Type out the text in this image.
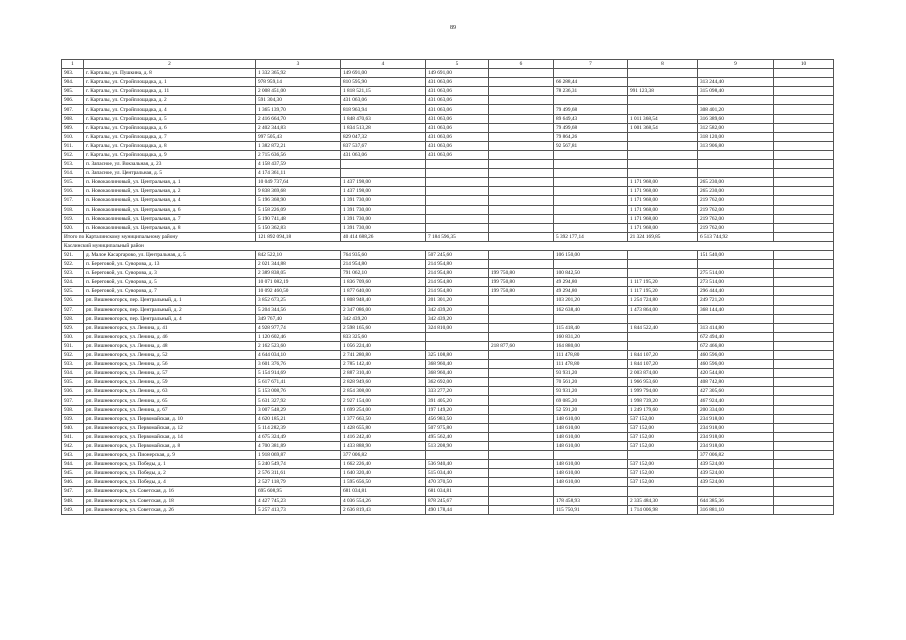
89
1	2	3	4	5	6	7	8	9	10
903.	г. Карталы, ул. Пушкина, д. 8	1 332 365,92	149 691,00	149 691,00					
904.	г. Карталы, ул. Стройплощадка, д. 1	978 959,14	810 595,90	431 063,06		66 288,44		313 244,40	
905.	г. Карталы, ул. Стройплощадка, д. 11	2 008 451,00	1 818 521,15	431 063,06		78 236,31	991 123,38	315 098,40	
906.	г. Карталы, ул. Стройплощадка, д. 2	591 304,30	431 063,06	431 063,06					
907.	г. Карталы, ул. Стройплощадка, д. 4	1 365 139,70	818 963,94	431 063,06		79 499,68		308 401,20	
908.	г. Карталы, ул. Стройплощадка, д. 5	2 416 664,70	1 848 470,63	431 063,06		89 649,43	1 011 368,54	316 389,60	
909.	г. Карталы, ул. Стройплощадка, д. 6	2 402 344,83	1 834 513,28	431 063,06		79 499,68	1 001 368,54	312 582,00	
910.	г. Карталы, ул. Стройплощадка, д. 7	997 505,43	829 047,32	431 063,06		79 864,26		318 120,00	
911.	г. Карталы, ул. Стройплощадка, д. 8	1 382 872,21	837 537,67	431 063,06		92 567,81		313 906,80	
912.	г. Карталы, ул. Стройплощадка, д. 9	2 715 636,56	431 063,06	431 063,06					
913.	п. Запасное, ул. Вокзальная, д. 23	4 158 437,59							
914.	п. Запасное, ул. Центральная, д. 5	4 174 361,11							
915.	п. Новокаолиновый, ул. Центральная, д. 1	10 049 737,64	1 437 198,00				1 171 968,00	265 230,00	
916.	п. Новокаолиновый, ул. Центральная, д. 2	9 838 369,68	1 437 198,00				1 171 968,00	265 230,00	
917.	п. Новокаолиновый, ул. Центральная, д. 4	5 196 368,90	1 391 730,00				1 171 968,00	219 762,00	
918.	п. Новокаолиновый, ул. Центральная, д. 6	5 158 226,09	1 391 730,00				1 171 968,00	219 762,00	
919.	п. Новокаолиновый, ул. Центральная, д. 7	5 190 741,48	1 391 730,00				1 171 968,00	219 762,00	
920.	п. Новокаолиновый, ул. Центральная, д. 8	5 150 362,83	1 391 730,00				1 171 968,00	219 762,00	
Итого по Карталинскому муниципальному району		121 892 094,18	40 414 688,26	7 184 596,35		5 392 177,14	21 324 169,85	6 513 744,92	
Каслинский муниципальный район									
921.	д. Малое Касаргарово, ул. Центральная, д. 5	842 522,10	764 935,60	507 245,60		106 150,00		151 540,00	
922.	п. Береговой, ул. Суворова, д. 13	2 021 344,88	214 954,80	214 954,80					
923.	п. Береговой, ул. Суворова, д. 3	2 389 838,05	791 062,10	214 954,80	199 750,80	100 842,50		275 514,00	
924.	п. Береговой, ул. Суворова, д. 5	10 071 082,19	1 836 709,60	214 954,80	199 750,80	49 294,80	1 117 195,20	273 514,00	
925.	п. Береговой, ул. Суворова, д. 7	10 092 460,50	1 877 640,00	214 954,80	199 750,80	49 294,80	1 117 195,20	296 444,40	
926.	рп. Вишневогорск, пер. Центральный, д. 1	3 852 673,25	1 808 948,40	201 301,20		103 201,20	1 254 724,80	249 721,20	
927.	рп. Вишневогорск, пер. Центральный, д. 2	5 204 344,56	2 347 086,00	342 439,20		162 638,40	1 473 864,00	368 144,40	
928.	рп. Вишневогорск, пер. Центральный, д. 4	349 767,40	342 439,20	342 439,20					
929.	рп. Вишневогорск, ул. Ленина, д. 41	4 928 977,74	2 598 165,60	324 810,00		115 418,40	1 844 522,40	313 414,80	
930.	рп. Вишневогорск, ул. Ленина, д. 46	1 120 602,46	833 325,60			160 831,20		672 494,40	
931.	рп. Вишневогорск, ул. Ленина, д. 48	2 162 523,60	1 056 224,40		218 877,60	164 880,00		672 466,80	
932.	рп. Вишневогорск, ул. Ленина, д. 52	4 644 034,10	2 741 280,80	325 108,80		111 478,80	1 844 107,20	460 596,00	
933.	рп. Вишневогорск, ул. Ленина, д. 56	3 601 376,76	2 785 142,40	368 960,40		111 478,80	1 844 107,20	460 596,00	
934.	рп. Вишневогорск, ул. Ленина, д. 57	5 154 914,69	2 887 310,40	368 960,40		93 931,20	2 003 874,00	420 544,80	
935.	рп. Вишневогорск, ул. Ленина, д. 59	5 617 671,41	2 828 949,60	362 692,00		70 561,20	1 966 953,60	408 742,80	
936.	рп. Вишневогорск, ул. Ленина, д. 63	5 153 008,76	2 854 308,00	333 277,20		93 931,20	1 999 794,00	427 305,60	
937.	рп. Вишневогорск, ул. Ленина, д. 65	5 631 327,92	2 927 154,00	391 405,20		69 085,20	1 998 739,20	467 924,40	
938.	рп. Вишневогорск, ул. Ленина, д. 67	3 007 548,29	1 699 254,00	197 149,20		52 591,20	1 249 179,60	200 334,00	
939.	рп. Вишневогорск, ул. Первомайская, д. 10	4 620 185,21	1 377 663,50	456 983,50		148 610,00	537 152,00	234 918,00	
940.	рп. Вишневогорск, ул. Первомайская, д. 12	5 114 282,39	1 428 655,80	507 975,80		148 610,00	537 152,00	234 918,00	
941.	рп. Вишневогорск, ул. Первомайская, д. 14	4 675 324,49	1 416 242,40	495 562,40		148 610,00	537 152,00	234 918,00	
942.	рп. Вишневогорск, ул. Первомайская, д. 8	4 700 381,89	1 433 888,90	513 208,90		148 610,00	537 152,00	234 918,00	
943.	рп. Вишневогорск, ул. Пионерская, д. 9	1 918 069,87	377 006,82					377 006,82	
944.	рп. Вишневогорск, ул. Победы, д. 1	5 240 549,74	1 662 226,40	536 940,40		148 610,00	537 152,00	439 524,00	
945.	рп. Вишневогорск, ул. Победы, д. 2	2 576 311,61	1 640 320,40	515 034,40		148 610,00	537 152,00	439 524,00	
946.	рп. Вишневогорск, ул. Победы, д. 4	2 527 118,79	1 595 656,50	470 370,50		148 610,00	537 152,00	439 524,00	
947.	рп. Вишневогорск, ул. Советская, д. 16	695 608,95	681 034,81	681 034,81					
948.	рп. Вишневогорск, ул. Советская, д. 18	4 427 745,23	4 036 554,26	878 245,67		178 458,93	2 335 484,30	644 385,36	
949.	рп. Вишневогорск, ул. Советская, д. 26	5 257 413,73	2 636 819,43	490 178,44		115 750,91	1 714 006,98	316 881,10	
